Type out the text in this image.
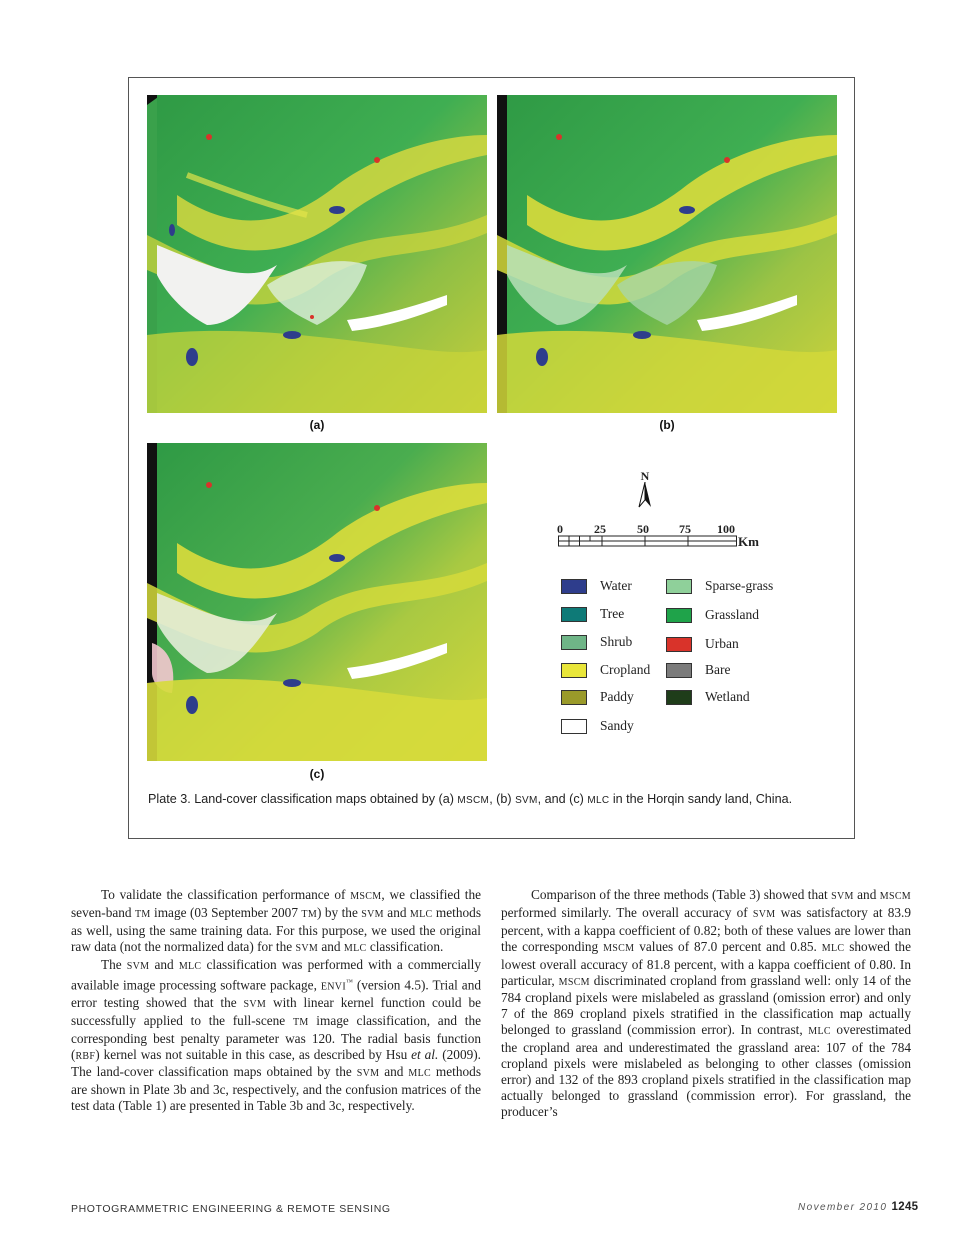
(a)	(b)
(c)
N
0	25	50	75 100
Km
Water	Sparse-grass
Tree	Grassland
Shrub	Urban
Cropland	Bare
Paddy	Wetland
Sandy
Plate 3. Land-cover classification maps obtained by (a) MSCM, (b) SVM, and (c) MLC in the Horqin sandy land, China.

To validate the classification performance of MSCM, we classified the seven-band TM image (03 September 2007 TM) by the SVM and MLC methods as well, using the same training data. For this purpose, we used the original raw data (not the normalized data) for the SVM and MLC classification.

The SVM and MLC classification was performed with a commercially available image processing software package, ENVI™ (version 4.5). Trial and error testing showed that the SVM with linear kernel function could be successfully applied to the full-scene TM image classification, and the corresponding best penalty parameter was 120. The radial basis function (RBF) kernel was not suitable in this case, as described by Hsu et al. (2009). The land-cover classification maps obtained by the SVM and MLC methods are shown in Plate 3b and 3c, respectively, and the confusion matrices of the test data (Table 1) are presented in Table 3b and 3c, respectively.

Comparison of the three methods (Table 3) showed that SVM and MSCM performed similarly. The overall accuracy of SVM was satisfactory at 83.9 percent, with a kappa coefficient of 0.82; both of these values are lower than the corresponding MSCM values of 87.0 percent and 0.85. MLC showed the lowest overall accuracy of 81.8 percent, with a kappa coefficient of 0.80. In particular, MSCM discriminated cropland from grassland well: only 14 of the 784 cropland pixels were mislabeled as grassland (omission error) and only 7 of the 869 cropland pixels stratified in the classification map actually belonged to grassland (commission error). In contrast, MLC overestimated the cropland area and underestimated the grassland area: 107 of the 784 cropland pixels were mislabeled as belonging to other classes (omission error) and 132 of the 893 cropland pixels stratified in the classification map actually belonged to grassland (commission error). For grassland, the producer’s

PHOTOGRAMMETRIC ENGINEERING & REMOTE SENSING	November 2010 1245
